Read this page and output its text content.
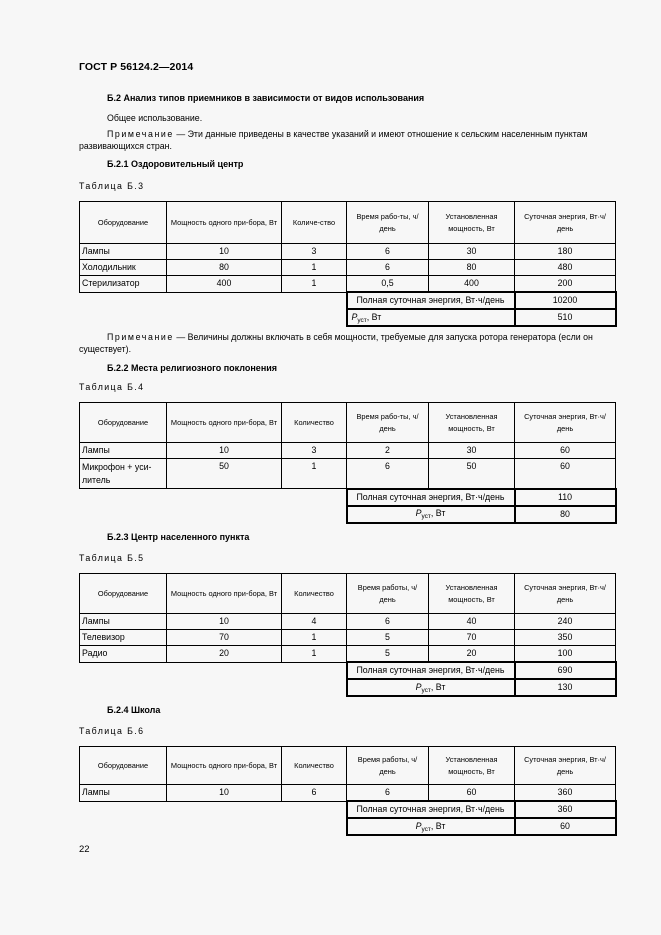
ГОСТ Р 56124.2—2014
Б.2 Анализ типов приемников в зависимости от видов использования
Общее использование.
Примечание — Эти данные приведены в качестве указаний и имеют отношение к сельским населенным пунктам развивающихся стран.
Б.2.1 Оздоровительный центр
Таблица Б.3
Оборудование	Мощность одного при-бора, Вт	Количе-ство	Время рабо-ты, ч/день	Установленная мощность, Вт	Суточная энергия, Вт·ч/день
Лампы	10	3	6	30	180
Холодильник	80	1	6	80	480
Стерилизатор	400	1	0,5	400	200
			Полная суточная энергия, Вт·ч/день		10200
			$P_{уст}$, Вт		510
Примечание — Величины должны включать в себя мощности, требуемые для запуска ротора генератора (если он существует).
Б.2.2 Места религиозного поклонения
Таблица Б.4
Оборудование	Мощность одного при-бора, Вт	Количество	Время рабо-ты, ч/день	Установленная мощность, Вт	Суточная энергия, Вт·ч/день
Лампы	10	3	2	30	60
Микрофон + уси-литель	50	1	6	50	60
			Полная суточная энергия, Вт·ч/день		110
			$P_{уст}$, Вт		80
Б.2.3 Центр населенного пункта
Таблица Б.5
Оборудование	Мощность одного при-бора, Вт	Количество	Время работы, ч/день	Установленная мощность, Вт	Суточная энергия, Вт·ч/день
Лампы	10	4	6	40	240
Телевизор	70	1	5	70	350
Радио	20	1	5	20	100
			Полная суточная энергия, Вт·ч/день		690
			$P_{уст}$, Вт		130
Б.2.4 Школа
Таблица Б.6
Оборудование	Мощность одного при-бора, Вт	Количество	Время работы, ч/день	Установленная мощность, Вт	Суточная энергия, Вт·ч/день
Лампы	10	6	6	60	360
			Полная суточная энергия, Вт·ч/день		360
			$P_{уст}$, Вт		60
22
